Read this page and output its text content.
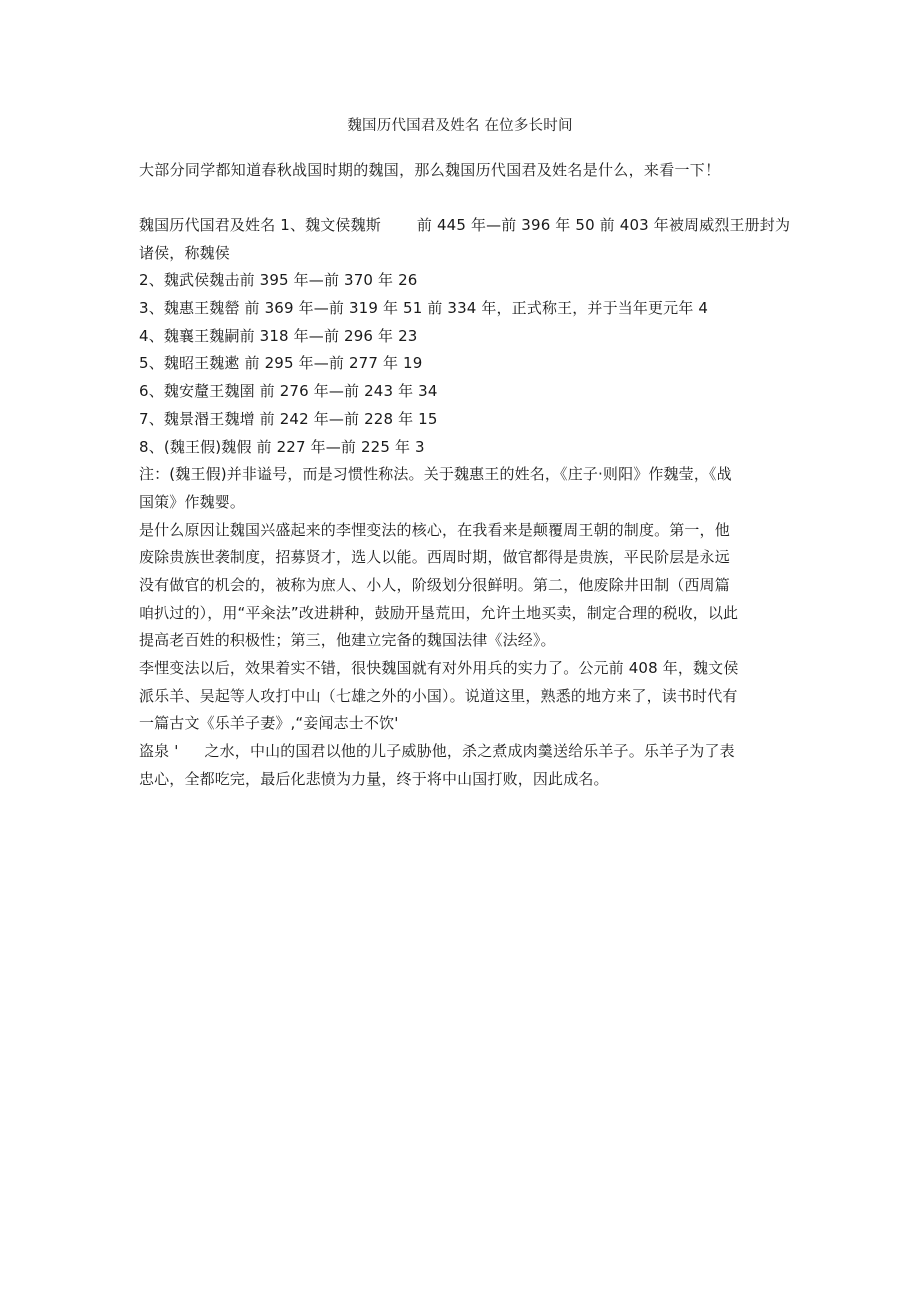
魏国历代国君及姓名 在位多长时间
大部分同学都知道春秋战国时期的魏国，那么魏国历代国君及姓名是什么，来看一下！
魏国历代国君及姓名 1、魏文侯魏斯 前 445 年—前 396 年 50 前 403 年被周威烈王册封为
诸侯，称魏侯
2、魏武侯魏击前 395 年—前 370 年 26
3、魏惠王魏罃 前 369 年—前 319 年 51 前 334 年，正式称王，并于当年更元年 4
4、魏襄王魏嗣前 318 年—前 296 年 23
5、魏昭王魏遬 前 295 年—前 277 年 19
6、魏安釐王魏圉 前 276 年—前 243 年 34
7、魏景湣王魏增 前 242 年—前 228 年 15
8、(魏王假)魏假 前 227 年—前 225 年 3
注：(魏王假)并非谥号，而是习惯性称法。关于魏惠王的姓名，《庄子·则阳》作魏莹，《战
国策》作魏婴。
是什么原因让魏国兴盛起来的李悝变法的核心，在我看来是颠覆周王朝的制度。第一，他
废除贵族世袭制度，招募贤才，选人以能。西周时期，做官都得是贵族，平民阶层是永远
没有做官的机会的，被称为庶人、小人，阶级划分很鲜明。第二，他废除井田制（西周篇
咱扒过的），用“平籴法”改进耕种，鼓励开垦荒田，允许土地买卖，制定合理的税收，以此
提高老百姓的积极性；第三，他建立完备的魏国法律《法经》。
李悝变法以后，效果着实不错，很快魏国就有对外用兵的实力了。公元前 408 年，魏文侯
派乐羊、吴起等人攻打中山（七雄之外的小国）。说道这里，熟悉的地方来了，读书时代有
一篇古文《乐羊子妻》,“妾闻志士不饮'
盗泉 ' 之水，中山的国君以他的儿子威胁他，杀之煮成肉羹送给乐羊子。乐羊子为了表
忠心，全都吃完，最后化悲愤为力量，终于将中山国打败，因此成名。
